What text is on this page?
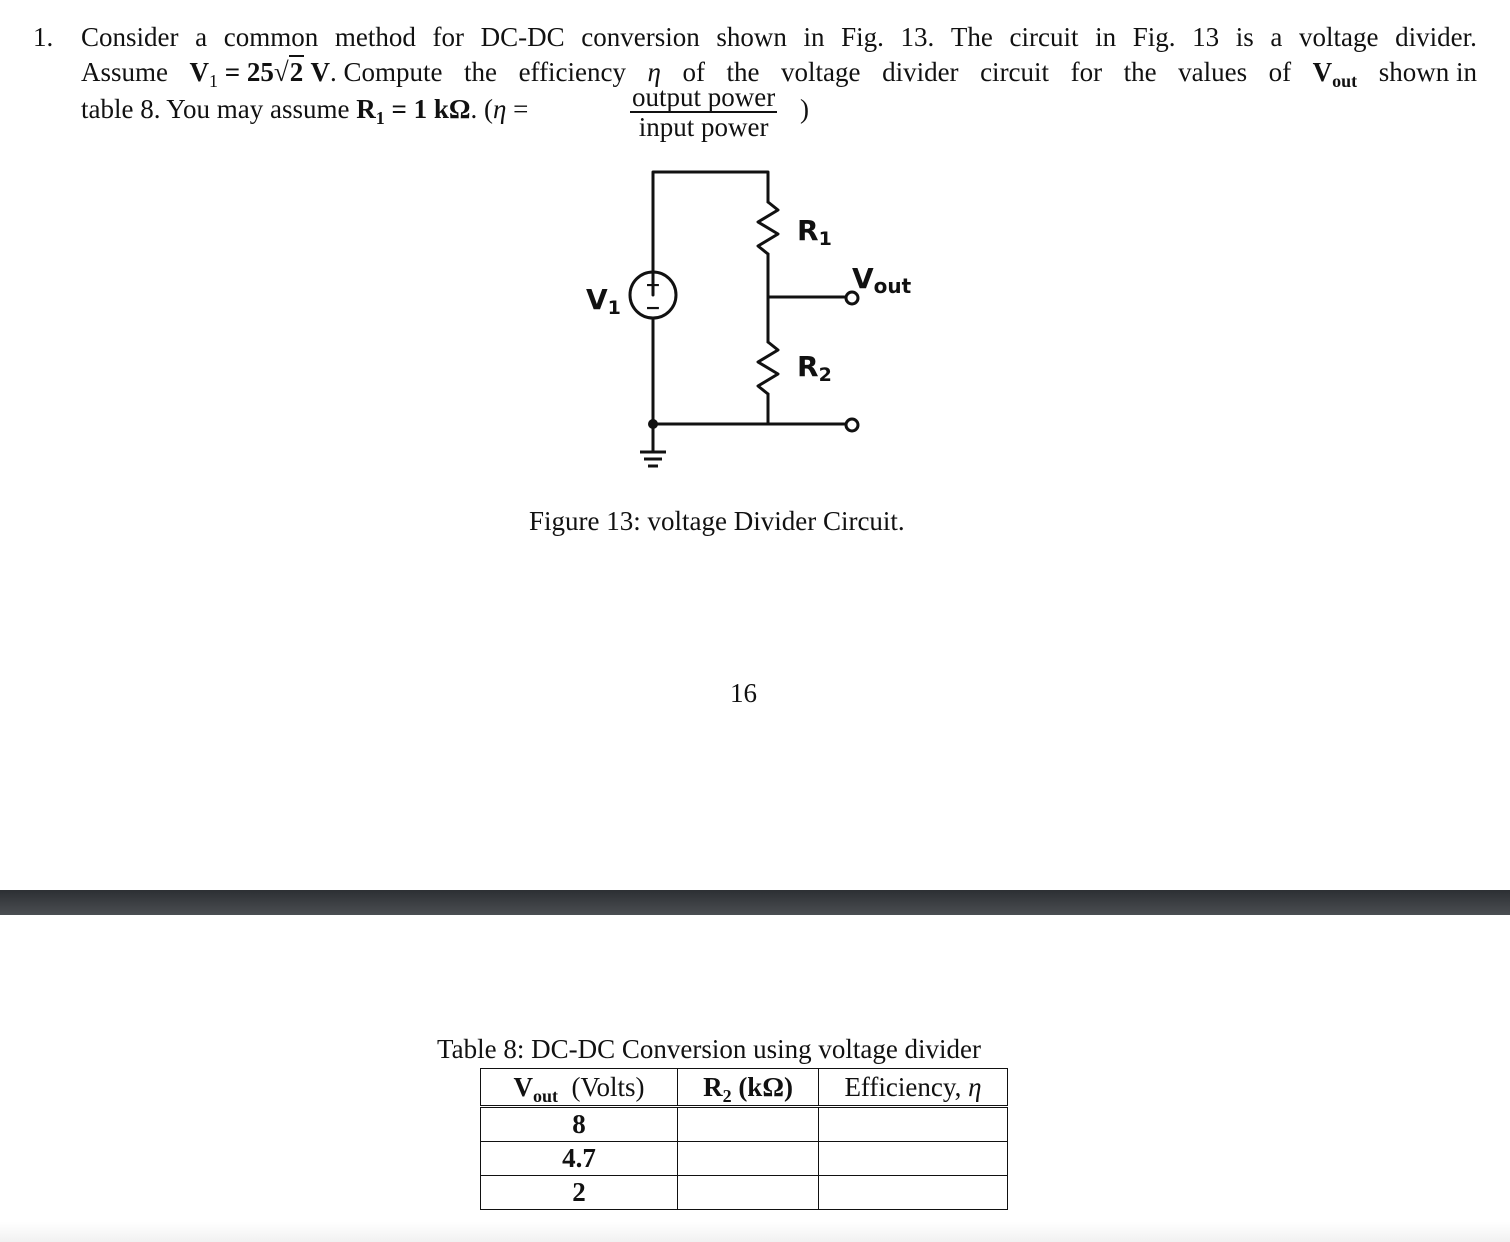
1. Consider a common method for DC-DC conversion shown in Fig. 13. The circuit in Fig. 13 is a voltage divider.
Assume $V_1 = 25√2$ V. Compute the efficiency η of the voltage divider circuit for the values of $V_{out}$ shown in
table 8. You may assume $R_1 = 1$ kΩ. (η =	output power
input power
)
+
−
V1
R1
R2
Vout
Figure 13: voltage Divider Circuit.
16
Table 8: DC-DC Conversion using voltage divider
$V_{out}$ (Volts)	$R_2$ (kΩ)	Efficiency, η
8		
4.7		
2		
